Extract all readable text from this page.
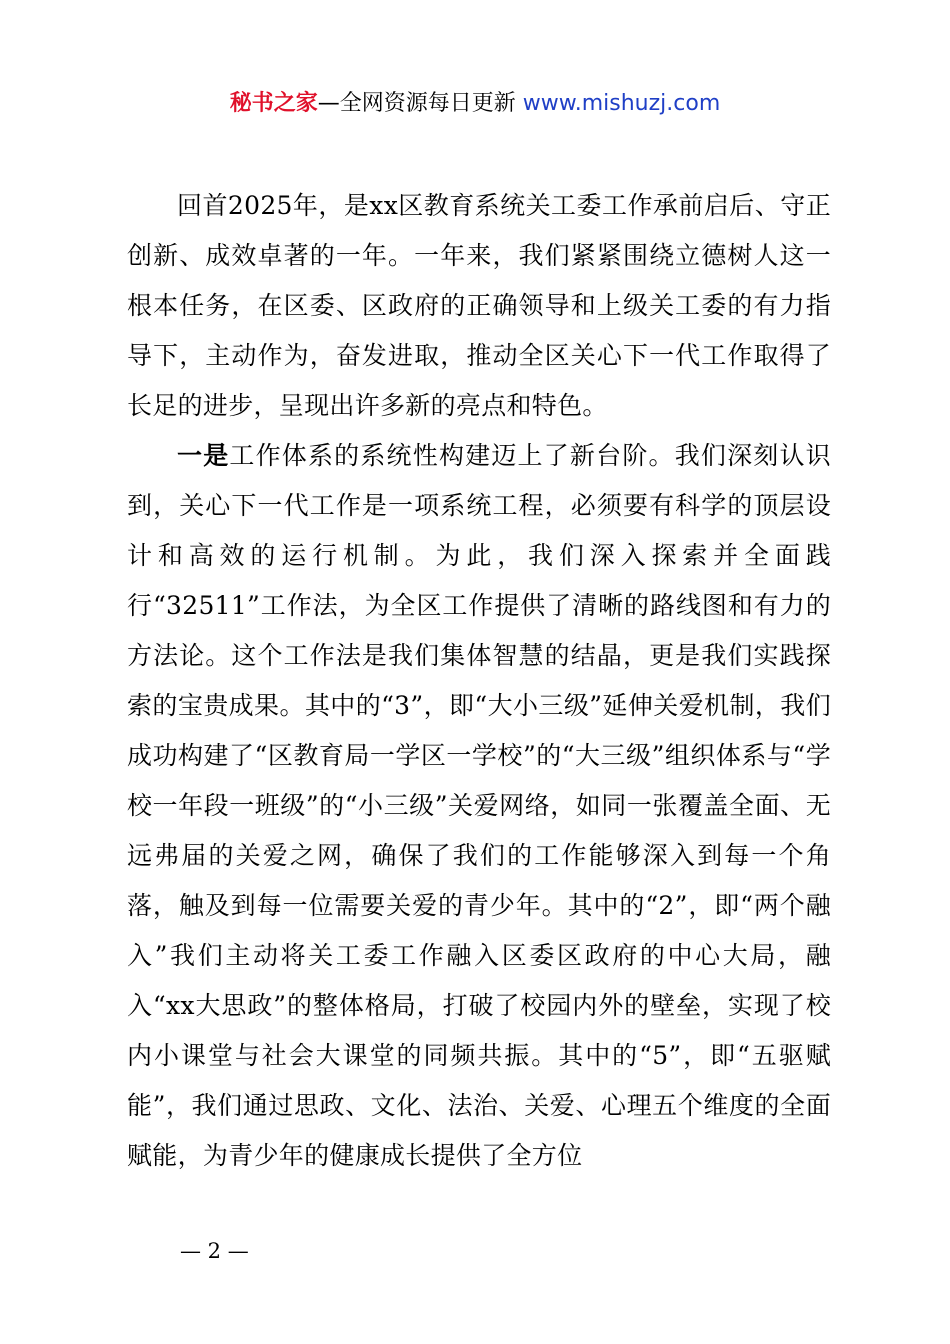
秘书之家—全网资源每日更新 www.mishuzj.com

回首2025年，是xx区教育系统关工委工作承前启后、守正创新、成效卓著的一年。一年来，我们紧紧围绕立德树人这一根本任务，在区委、区政府的正确领导和上级关工委的有力指导下，主动作为，奋发进取，推动全区关心下一代工作取得了长足的进步，呈现出许多新的亮点和特色。

一是工作体系的系统性构建迈上了新台阶。我们深刻认识到，关心下一代工作是一项系统工程，必须要有科学的顶层设计和高效的运行机制。为此，我们深入探索并全面践行“32511”工作法，为全区工作提供了清晰的路线图和有力的方法论。这个工作法是我们集体智慧的结晶，更是我们实践探索的宝贵成果。其中的“3”，即“大小三级”延伸关爱机制，我们成功构建了“区教育局一学区一学校”的“大三级”组织体系与“学校一年段一班级”的“小三级”关爱网络，如同一张覆盖全面、无远弗届的关爱之网，确保了我们的工作能够深入到每一个角落，触及到每一位需要关爱的青少年。其中的“2”，即“两个融入”我们主动将关工委工作融入区委区政府的中心大局，融入“xx大思政”的整体格局，打破了校园内外的壁垒，实现了校内小课堂与社会大课堂的同频共振。其中的“5”，即“五驱赋能”，我们通过思政、文化、法治、关爱、心理五个维度的全面赋能，为青少年的健康成长提供了全方位

— 2 —
